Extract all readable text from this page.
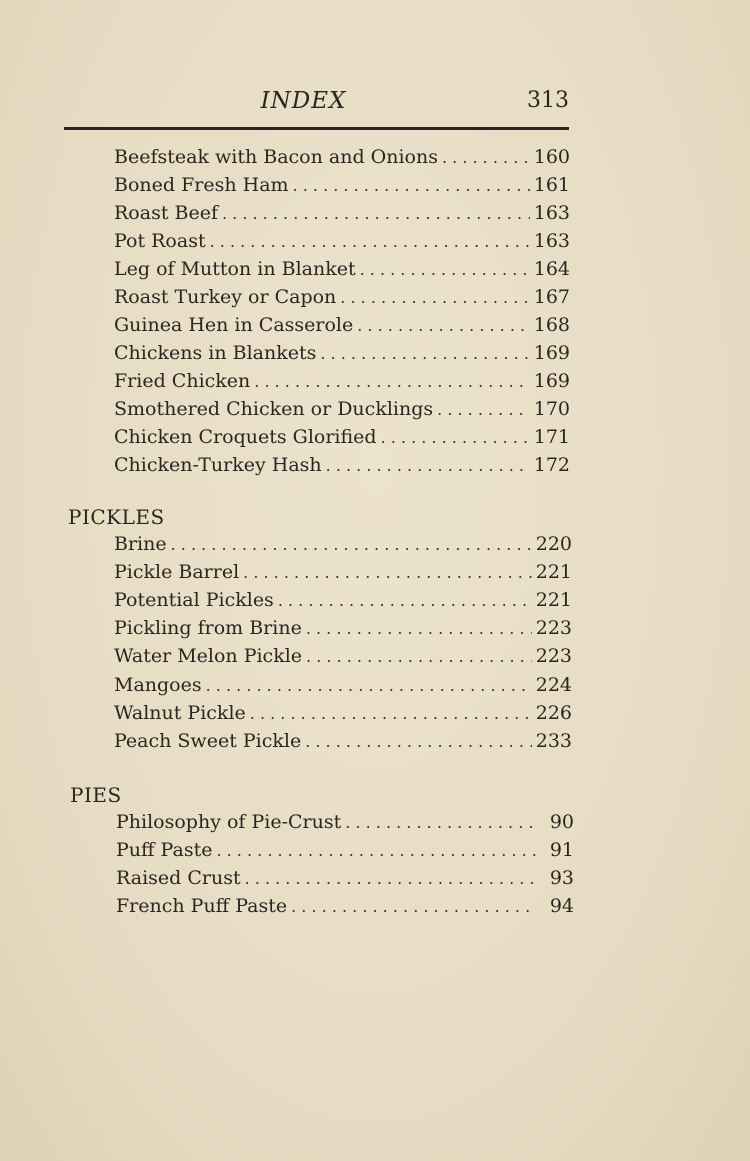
INDEX	313
PICKLES
PIES
Beefsteak with Bacon and Onions . . .	160
Boned Fresh Ham . . .	161
Roast Beef . . .	163
Pot Roast . . .	163
Leg of Mutton in Blanket . . .	164
Roast Turkey or Capon . . .	167
Guinea Hen in Casserole . . .	168
Chickens in Blankets . . .	169
Fried Chicken . . .	169
Smothered Chicken or Ducklings . . .	170
Chicken Croquets Glorified . . .	171
Chicken-Turkey Hash . . .	172
Brine . . .	220
Pickle Barrel . . .	221
Potential Pickles . . .	221
Pickling from Brine . . .	223
Water Melon Pickle . . .	223
Mangoes . . .	224
Walnut Pickle . . .	226
Peach Sweet Pickle . . .	233
Philosophy of Pie-Crust . . .	90
Puff Paste . . .	91
Raised Crust . . .	93
French Puff Paste . . .	94
